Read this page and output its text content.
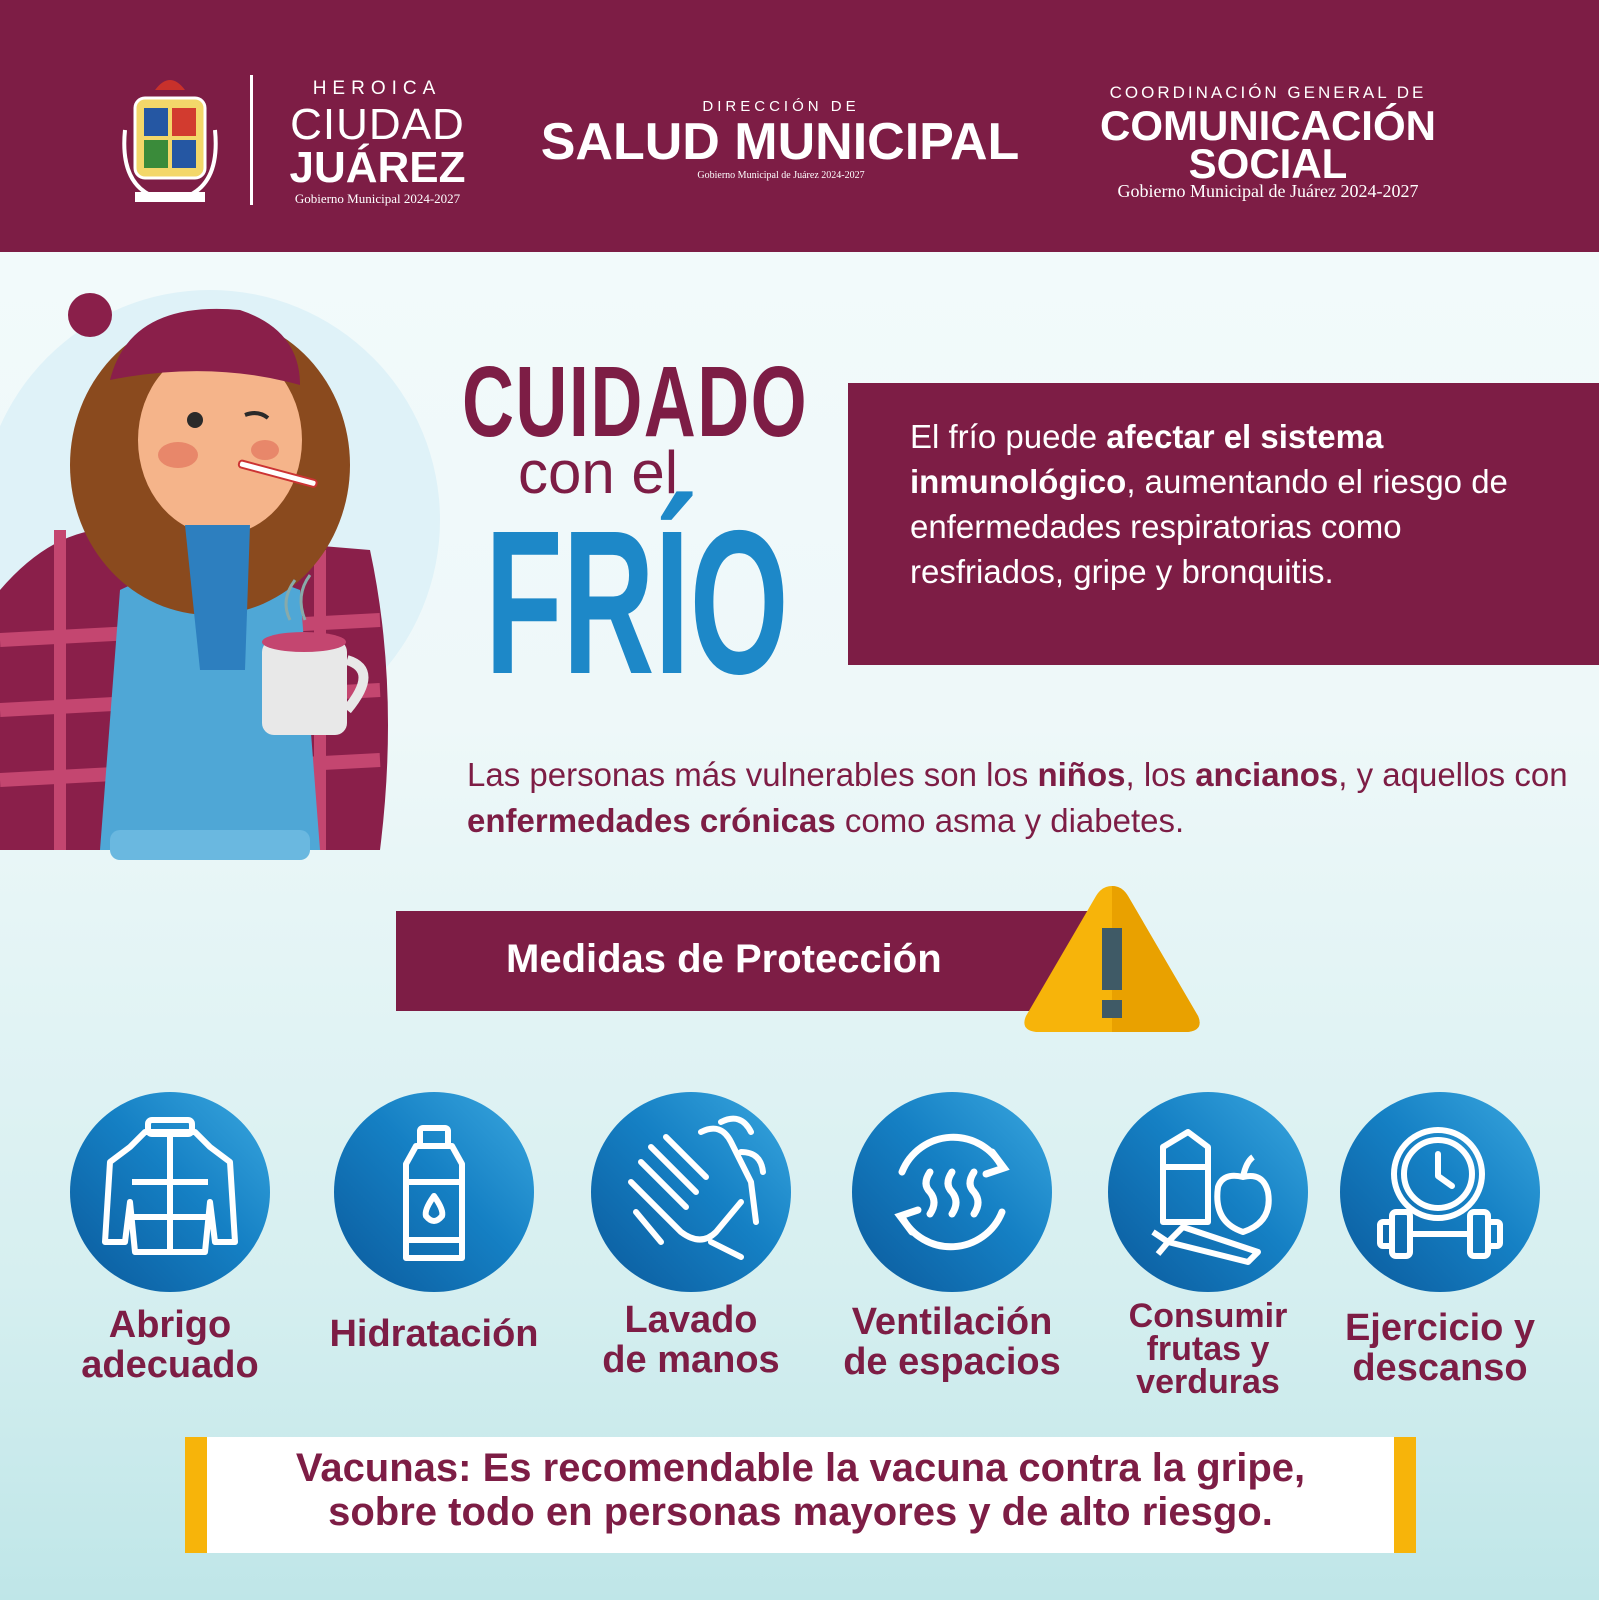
HEROICA
CIUDAD
JUÁREZ
Gobierno Municipal 2024-2027
DIRECCIÓN DE
SALUD MUNICIPAL
Gobierno Municipal de Juárez 2024-2027
COORDINACIÓN GENERAL DE
COMUNICACIÓN
SOCIAL
Gobierno Municipal de Juárez 2024-2027
CUIDADO
con el
FRÍO
El frío puede afectar el sistema inmunológico, aumentando el riesgo de enfermedades respiratorias como resfriados, gripe y bronquitis.
Las personas más vulnerables son los niños, los ancianos, y aquellos con enfermedades crónicas como asma y diabetes.
Medidas de Protección
Abrigo
adecuado
Hidratación	Lavado
de manos
Ventilación
de espacios
Consumir
frutas y
verduras
Ejercicio y
descanso
Vacunas: Es recomendable la vacuna contra la gripe,
sobre todo en personas mayores y de alto riesgo.
